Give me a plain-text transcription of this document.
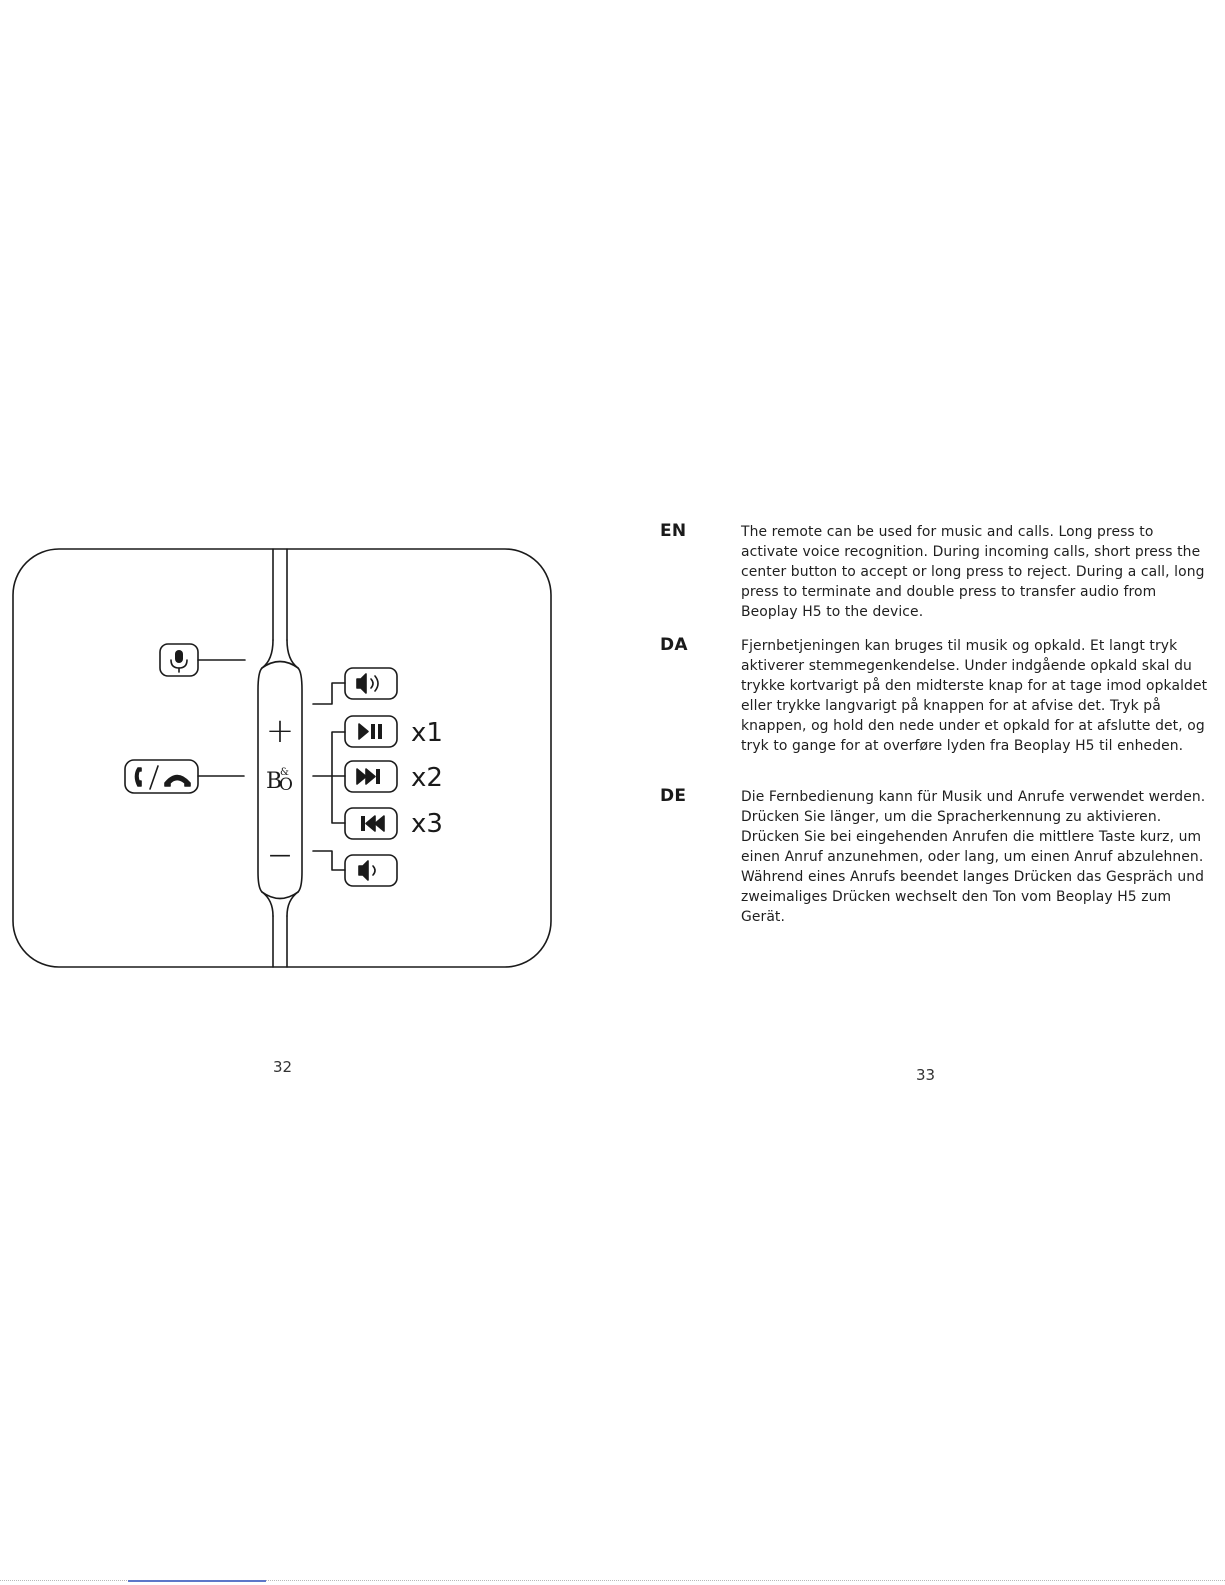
+
B
&
O
—
x1
x2
x3
EN	The remote can be used for music and calls. Long press to activate voice recognition. During incoming calls, short press the center button to accept or long press to reject. During a call, long press to terminate and double press to transfer audio from Beoplay H5 to the device.

DA	Fjernbetjeningen kan bruges til musik og opkald. Et langt tryk aktiverer stemmegenkendelse. Under indgående opkald skal du trykke kortvarigt på den midterste knap for at tage imod opkaldet eller trykke langvarigt på knappen for at afvise det. Tryk på knappen, og hold den nede under et opkald for at afslutte det, og tryk to gange for at overføre lyden fra Beoplay H5 til enheden.

DE	Die Fernbedienung kann für Musik und Anrufe verwendet werden. Drücken Sie länger, um die Spracherkennung zu aktivieren. Drücken Sie bei eingehenden Anrufen die mittlere Taste kurz, um einen Anruf anzunehmen, oder lang, um einen Anruf abzulehnen. Während eines Anrufs beendet langes Drücken das Gespräch und zweimaliges Drücken wechselt den Ton vom Beoplay H5 zum Gerät.

32	33
